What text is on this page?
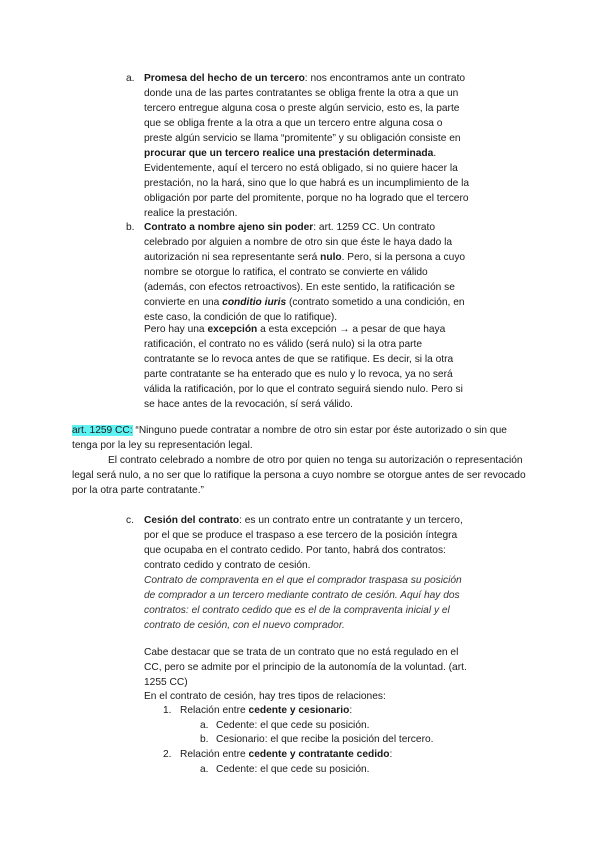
a. Promesa del hecho de un tercero: nos encontramos ante un contrato donde una de las partes contratantes se obliga frente la otra a que un tercero entregue alguna cosa o preste algún servicio, esto es, la parte que se obliga frente a la otra a que un tercero entre alguna cosa o preste algún servicio se llama “promitente” y su obligación consiste en procurar que un tercero realice una prestación determinada. Evidentemente, aquí el tercero no está obligado, si no quiere hacer la prestación, no la hará, sino que lo que habrá es un incumplimiento de la obligación por parte del promitente, porque no ha logrado que el tercero realice la prestación.

b. Contrato a nombre ajeno sin poder: art. 1259 CC. Un contrato celebrado por alguien a nombre de otro sin que éste le haya dado la autorización ni sea representante será nulo. Pero, si la persona a cuyo nombre se otorgue lo ratifica, el contrato se convierte en válido (además, con efectos retroactivos). En este sentido, la ratificación se convierte en una conditio iuris (contrato sometido a una condición, en este caso, la condición de que lo ratifique).

Pero hay una excepción a esta excepción → a pesar de que haya ratificación, el contrato no es válido (será nulo) si la otra parte contratante se lo revoca antes de que se ratifique. Es decir, si la otra parte contratante se ha enterado que es nulo y lo revoca, ya no será válida la ratificación, por lo que el contrato seguirá siendo nulo. Pero si se hace antes de la revocación, sí será válido.

art. 1259 CC: “Ninguno puede contratar a nombre de otro sin estar por éste autorizado o sin que tenga por la ley su representación legal.

El contrato celebrado a nombre de otro por quien no tenga su autorización o representación legal será nulo, a no ser que lo ratifique la persona a cuyo nombre se otorgue antes de ser revocado por la otra parte contratante.”

c. Cesión del contrato: es un contrato entre un contratante y un tercero, por el que se produce el traspaso a ese tercero de la posición íntegra que ocupaba en el contrato cedido. Por tanto, habrá dos contratos: contrato cedido y contrato de cesión.

Contrato de compraventa en el que el comprador traspasa su posición de comprador a un tercero mediante contrato de cesión. Aquí hay dos contratos: el contrato cedido que es el de la compraventa inicial y el contrato de cesión, con el nuevo comprador.

Cabe destacar que se trata de un contrato que no está regulado en el CC, pero se admite por el principio de la autonomía de la voluntad. (art. 1255 CC)

En el contrato de cesión, hay tres tipos de relaciones:

1. Relación entre cedente y cesionario:

a. Cedente: el que cede su posición.
b. Cesionario: el que recibe la posición del tercero.
2. Relación entre cedente y contratante cedido:

a. Cedente: el que cede su posición.
